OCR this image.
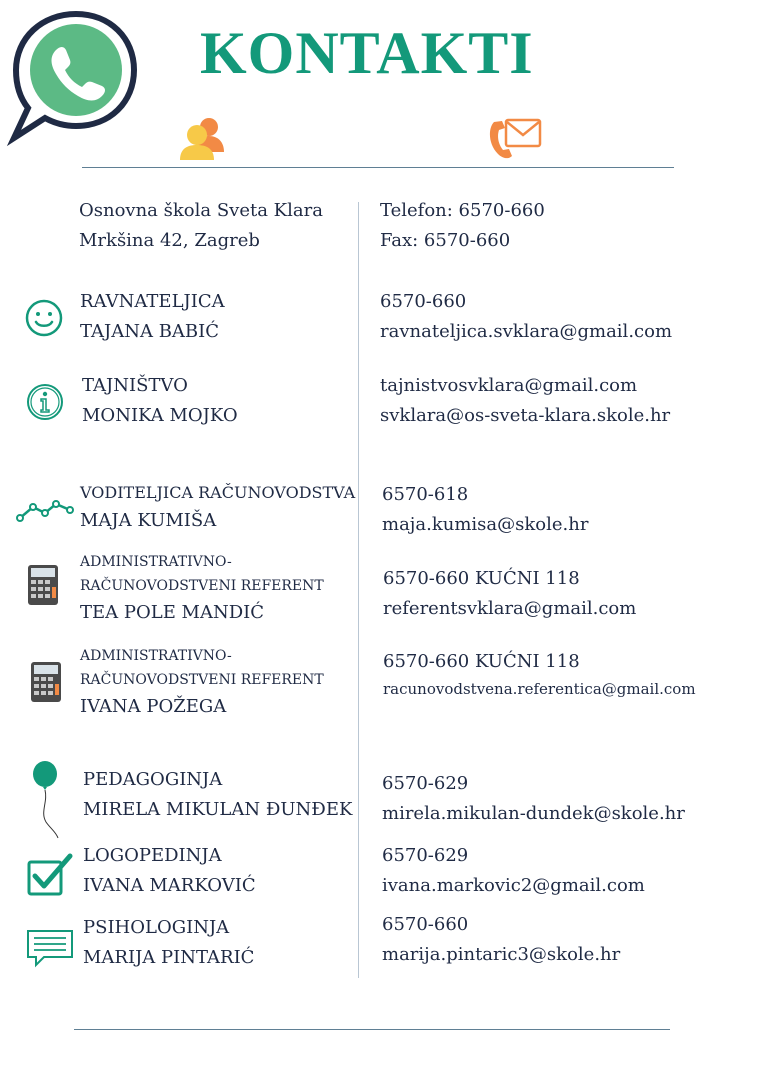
KONTAKTI
Osnovna škola Sveta Klara
Mrkšina 42, Zagreb
Telefon: 6570-660
Fax: 6570-660
RAVNATELJICA
TAJANA BABIĆ
6570-660
ravnateljica.svklara@gmail.com
TAJNIŠTVO
MONIKA MOJKO
tajnistvosvklara@gmail.com
svklara@os-sveta-klara.skole.hr
VODITELJICA RAČUNOVODSTVA
MAJA KUMIŠA
6570-618
maja.kumisa@skole.hr
ADMINISTRATIVNO-
RAČUNOVODSTVENI REFERENT
TEA POLE MANDIĆ
6570-660 KUĆNI 118
referentsvklara@gmail.com
ADMINISTRATIVNO-
RAČUNOVODSTVENI REFERENT
IVANA POŽEGA
6570-660 KUĆNI 118
racunovodstvena.referentica@gmail.com
PEDAGOGINJA
MIRELA MIKULAN ĐUNĐEK
6570-629
mirela.mikulan-dundek@skole.hr
LOGOPEDINJA
IVANA MARKOVIĆ
6570-629
ivana.markovic2@gmail.com
PSIHOLOGINJA
MARIJA PINTARIĆ
6570-660
marija.pintaric3@skole.hr
